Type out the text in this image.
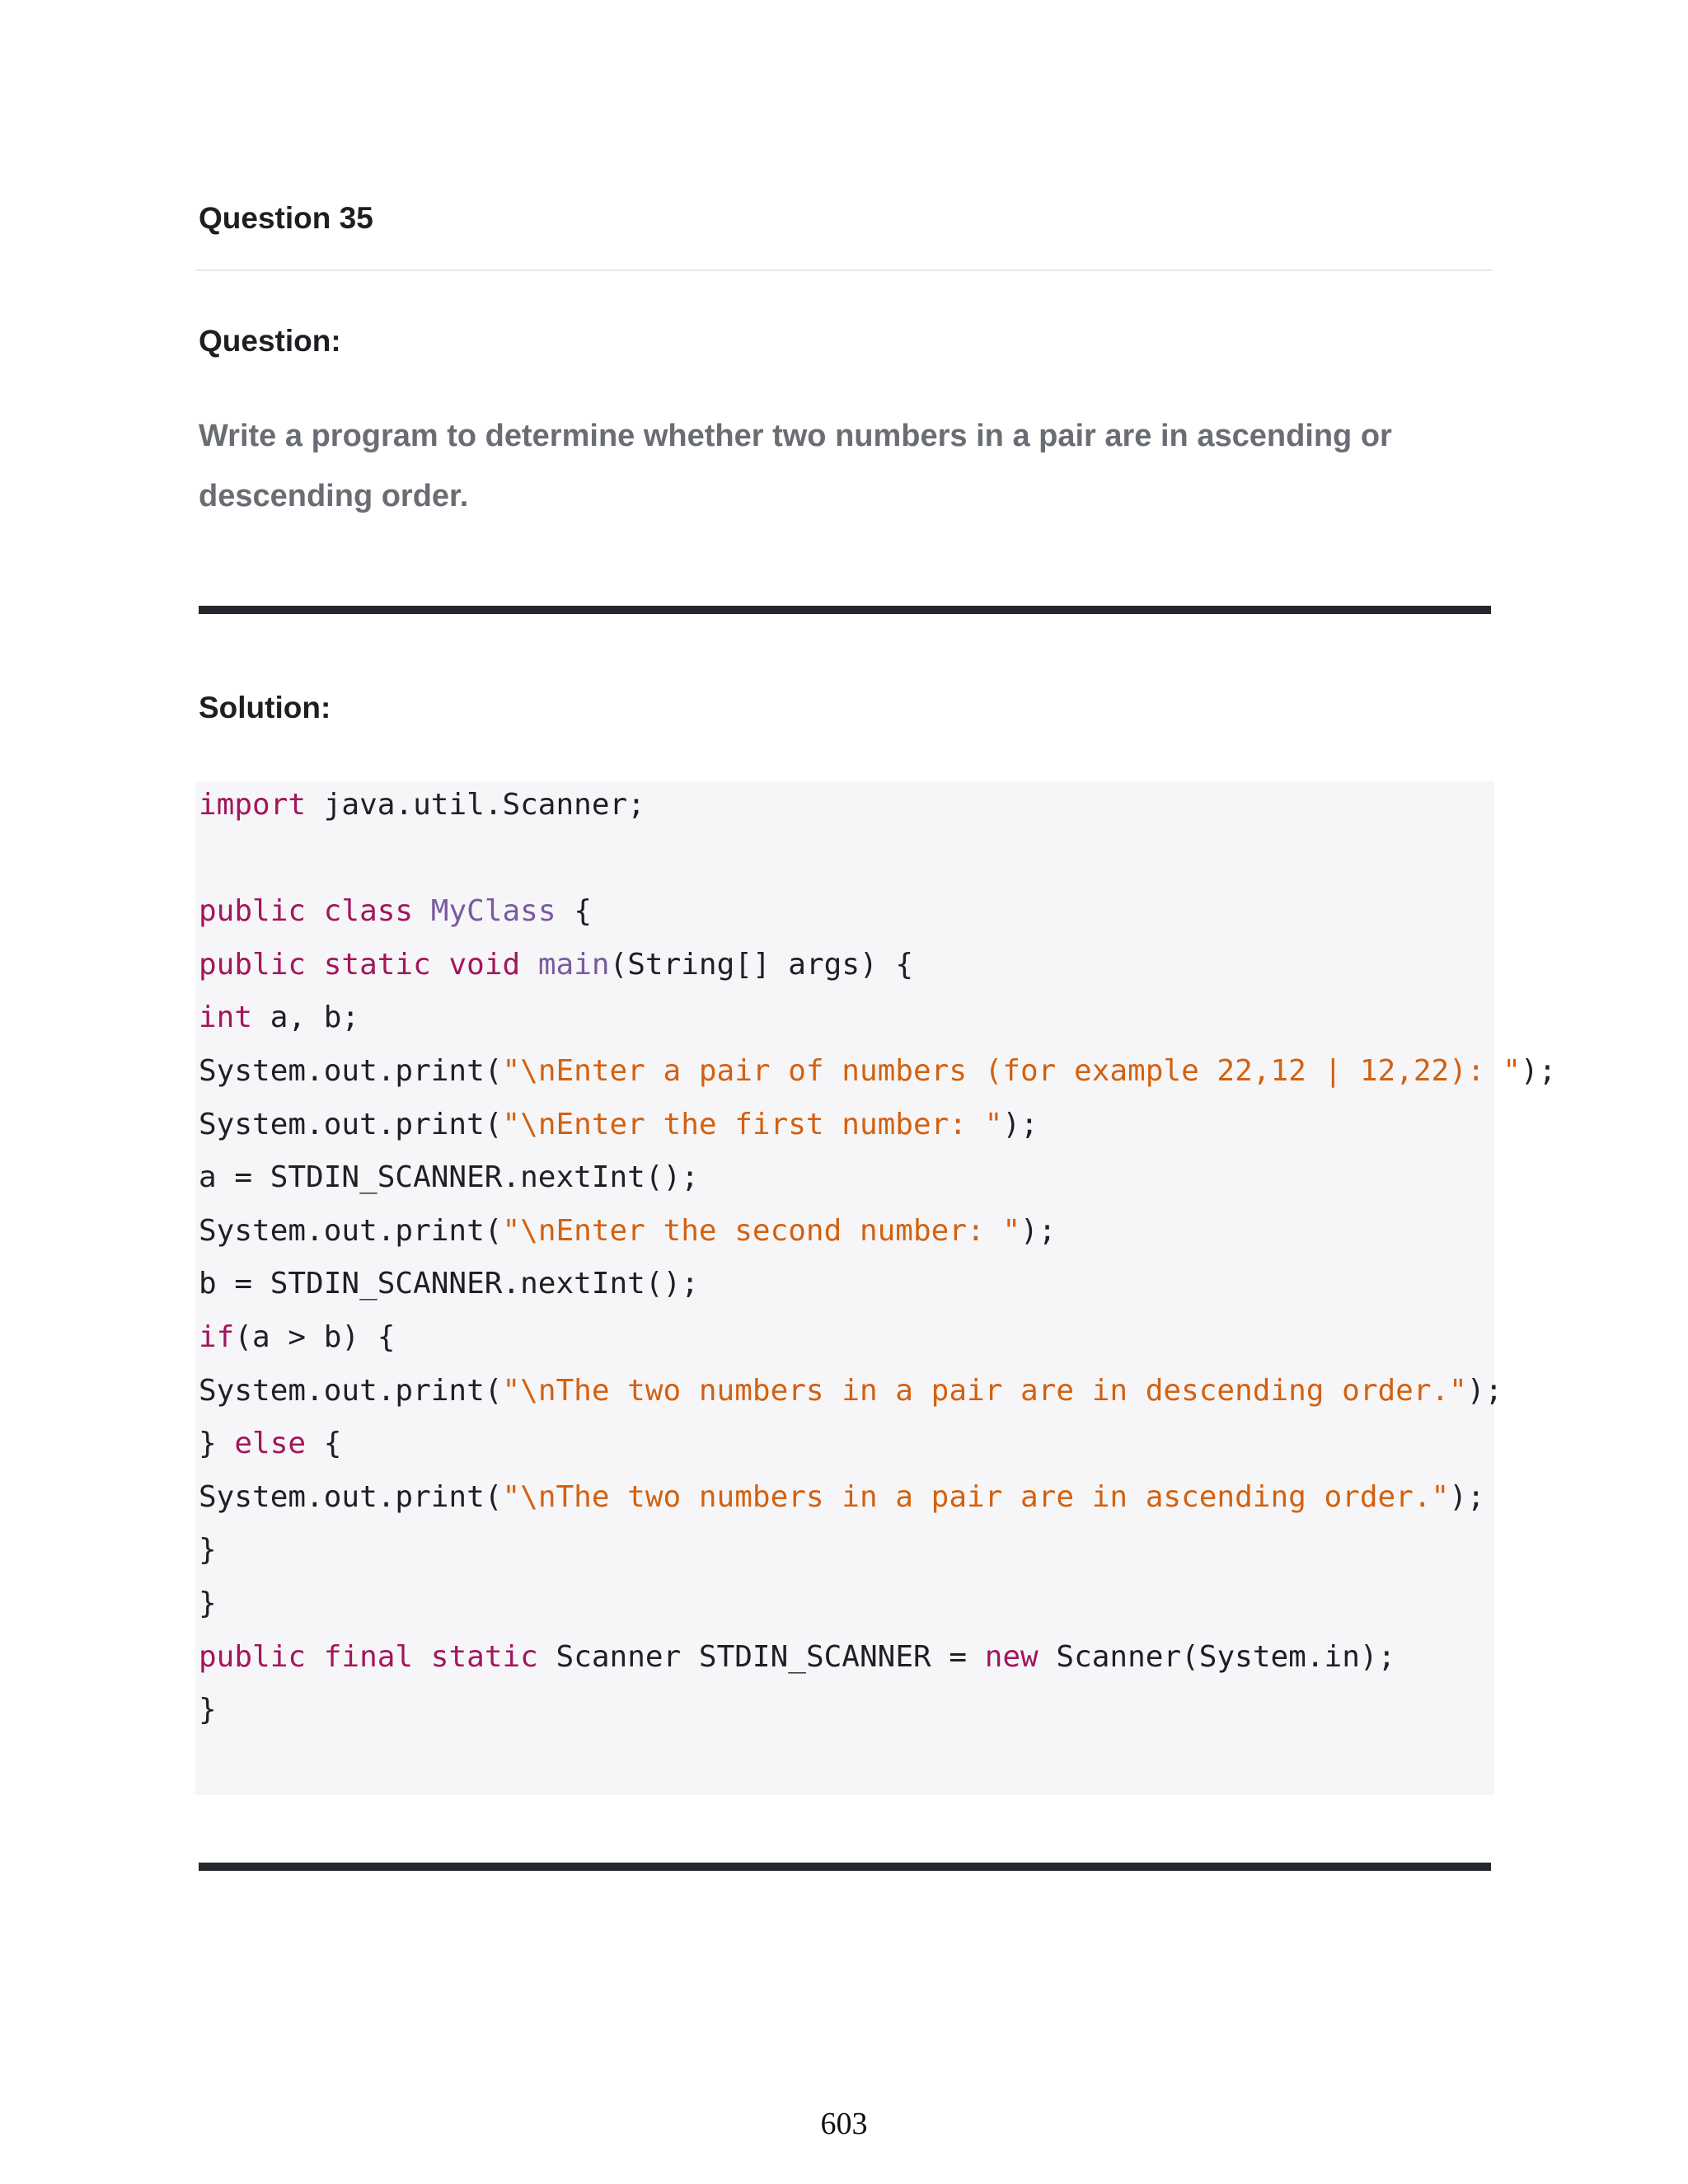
Question 35
Question:
Write a program to determine whether two numbers in a pair are in ascending or descending order.
Solution:
import java.util.Scanner;

public class MyClass {
public static void main(String[] args) {
int a, b;
System.out.print("\nEnter a pair of numbers (for example 22,12 | 12,22): ");
System.out.print("\nEnter the first number: ");
a = STDIN_SCANNER.nextInt();
System.out.print("\nEnter the second number: ");
b = STDIN_SCANNER.nextInt();
if(a > b) {
System.out.print("\nThe two numbers in a pair are in descending order.");
} else {
System.out.print("\nThe two numbers in a pair are in ascending order.");
}
}
public final static Scanner STDIN_SCANNER = new Scanner(System.in);
}
603
